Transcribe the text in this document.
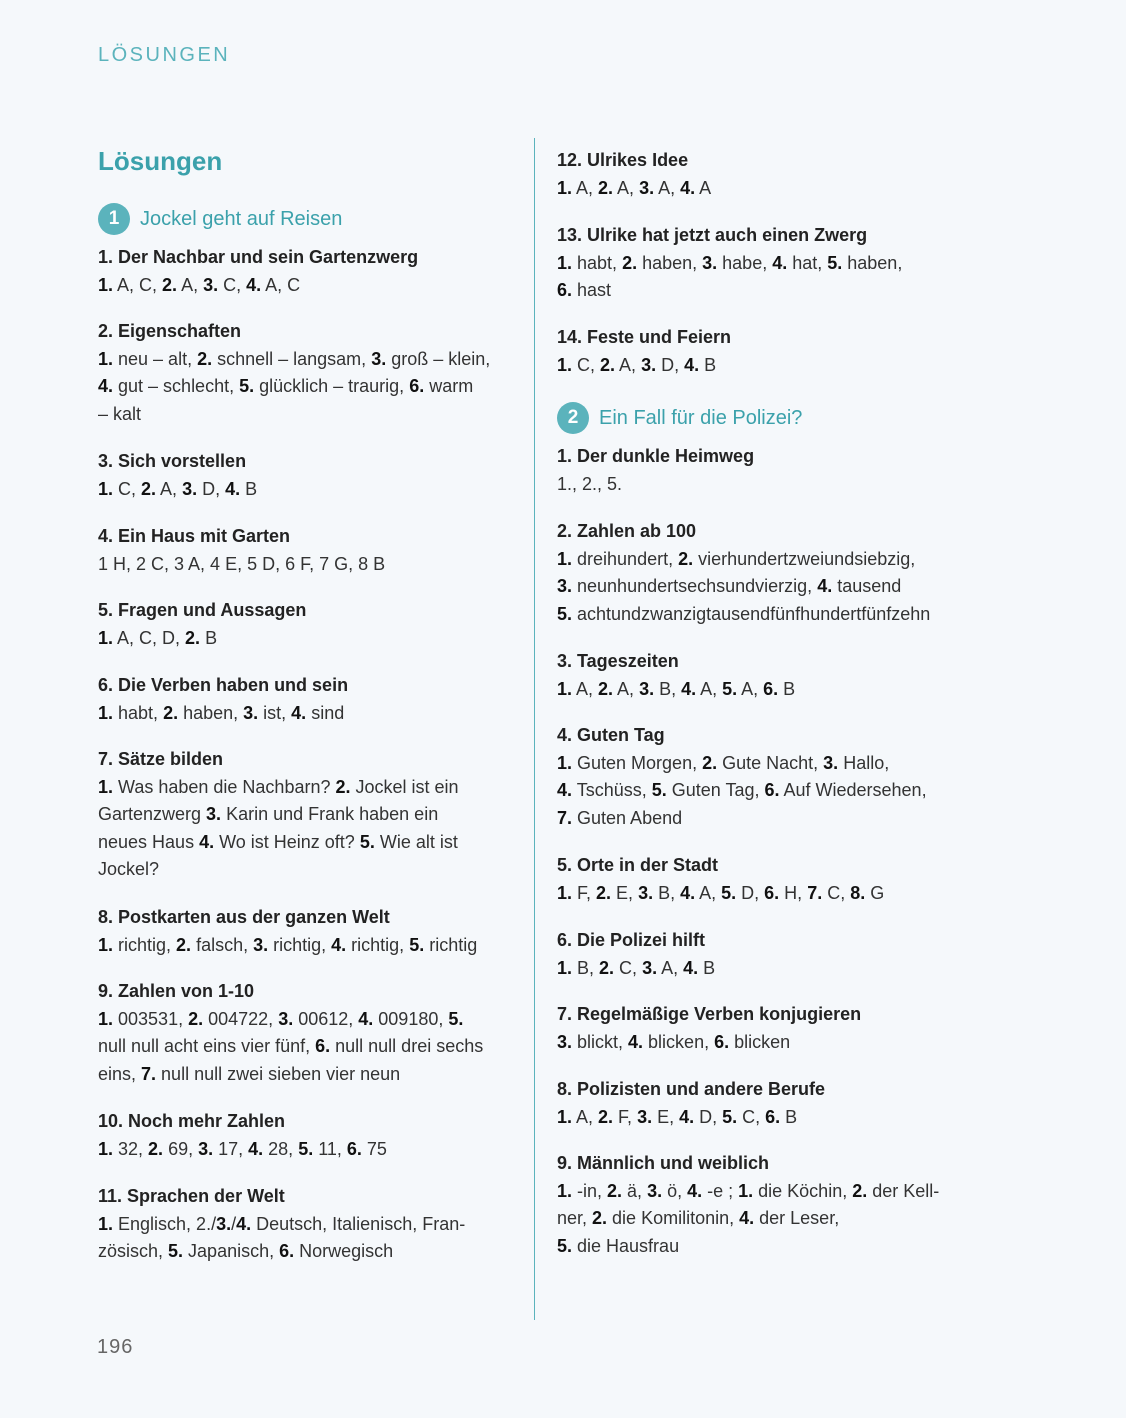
LÖSUNGEN
Lösungen
1	Jockel geht auf Reisen
1. Der Nachbar und sein Gartenzwerg
1. A, C, 2. A, 3. C, 4. A, C
2. Eigenschaften
1. neu – alt, 2. schnell – langsam, 3. groß – klein,
4. gut – schlecht, 5. glücklich – traurig, 6. warm
– kalt
3. Sich vorstellen
1. C, 2. A, 3. D, 4. B
4. Ein Haus mit Garten
1 H, 2 C, 3 A, 4 E, 5 D, 6 F, 7 G, 8 B
5. Fragen und Aussagen
1. A, C, D, 2. B
6. Die Verben haben und sein
1. habt, 2. haben, 3. ist, 4. sind
7. Sätze bilden
1. Was haben die Nachbarn? 2. Jockel ist ein
Gartenzwerg 3. Karin und Frank haben ein
neues Haus 4. Wo ist Heinz oft? 5. Wie alt ist
Jockel?
8. Postkarten aus der ganzen Welt
1. richtig, 2. falsch, 3. richtig, 4. richtig, 5. richtig
9. Zahlen von 1-10
1. 003531, 2. 004722, 3. 00612, 4. 009180, 5.
null null acht eins vier fünf, 6. null null drei sechs
eins, 7. null null zwei sieben vier neun
10. Noch mehr Zahlen
1. 32, 2. 69, 3. 17, 4. 28, 5. 11, 6. 75
11. Sprachen der Welt
1. Englisch, 2./3./4. Deutsch, Italienisch, Fran-
zösisch, 5. Japanisch, 6. Norwegisch
12. Ulrikes Idee
1. A, 2. A, 3. A, 4. A
13. Ulrike hat jetzt auch einen Zwerg
1. habt, 2. haben, 3. habe, 4. hat, 5. haben,
6. hast
14. Feste und Feiern
1. C, 2. A, 3. D, 4. B
2	Ein Fall für die Polizei?
1. Der dunkle Heimweg
1., 2., 5.
2. Zahlen ab 100
1. dreihundert, 2. vierhundertzweiundsiebzig,
3. neunhundertsechsundvierzig, 4. tausend
5. achtundzwanzigtausendfünfhundertfünfzehn
3. Tageszeiten
1. A, 2. A, 3. B, 4. A, 5. A, 6. B
4. Guten Tag
1. Guten Morgen, 2. Gute Nacht, 3. Hallo,
4. Tschüss, 5. Guten Tag, 6. Auf Wiedersehen,
7. Guten Abend
5. Orte in der Stadt
1. F, 2. E, 3. B, 4. A, 5. D, 6. H, 7. C, 8. G
6. Die Polizei hilft
1. B, 2. C, 3. A, 4. B
7. Regelmäßige Verben konjugieren
3. blickt, 4. blicken, 6. blicken
8. Polizisten und andere Berufe
1. A, 2. F, 3. E, 4. D, 5. C, 6. B
9. Männlich und weiblich
1. -in, 2. ä, 3. ö, 4. -e ; 1. die Köchin, 2. der Kell-
ner, 2. die Komilitonin, 4. der Leser,
5. die Hausfrau
196
